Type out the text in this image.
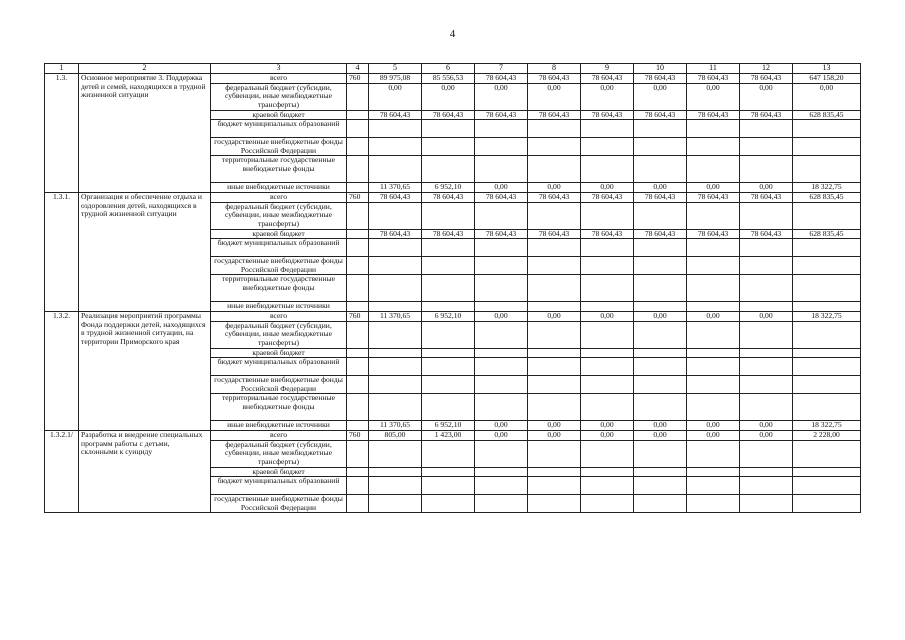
4
1	2	3	4	5	6	7	8	9	10	11	12	13
1.3.	Основное мероприятие 3. Поддержка детей и семей, находящихся в трудной жизненной ситуации	всего	760	89 975,08	85 556,53	78 604,43	78 604,43	78 604,43	78 604,43	78 604,43	78 604,43	647 158,20
		федеральный бюджет (субсидии, субвенции, иные межбюджетные трансферты)		0,00	0,00	0,00	0,00	0,00	0,00	0,00	0,00	0,00
		краевой бюджет		78 604,43	78 604,43	78 604,43	78 604,43	78 604,43	78 604,43	78 604,43	78 604,43	628 835,45
		бюджет муниципальных образований										
		государственные внебюджетные фонды Российской Федерации										
		территориальные государственные внебюджетные фонды										
		иные внебюджетные источники		11 370,65	6 952,10	0,00	0,00	0,00	0,00	0,00	0,00	18 322,75
1.3.1.	Организация и обеспечение отдыха и оздоровления детей, находящихся в трудной жизненной ситуации	всего	760	78 604,43	78 604,43	78 604,43	78 604,43	78 604,43	78 604,43	78 604,43	78 604,43	628 835,45
		федеральный бюджет (субсидии, субвенции, иные межбюджетные трансферты)										
		краевой бюджет		78 604,43	78 604,43	78 604,43	78 604,43	78 604,43	78 604,43	78 604,43	78 604,43	628 835,45
		бюджет муниципальных образований										
		государственные внебюджетные фонды Российской Федерации										
		территориальные государственные внебюджетные фонды										
		иные внебюджетные источники										
1.3.2.	Реализация мероприятий программы Фонда поддержки детей, находящихся в трудной жизненной ситуации, на территории Приморского края	всего	760	11 370,65	6 952,10	0,00	0,00	0,00	0,00	0,00	0,00	18 322,75
		федеральный бюджет (субсидии, субвенции, иные межбюджетные трансферты)										
		краевой бюджет										
		бюджет муниципальных образований										
		государственные внебюджетные фонды Российской Федерации										
		территориальные государственные внебюджетные фонды										
		иные внебюджетные источники		11 370,65	6 952,10	0,00	0,00	0,00	0,00	0,00	0,00	18 322,75
1.3.2.1/	Разработка и внедрение специальных программ работы с детьми, склонными к суициду	всего	760	805,00	1 423,00	0,00	0,00	0,00	0,00	0,00	0,00	2 228,00
		федеральный бюджет (субсидии, субвенции, иные межбюджетные трансферты)										
		краевой бюджет										
		бюджет муниципальных образований										
		государственные внебюджетные фонды Российской Федерации										
